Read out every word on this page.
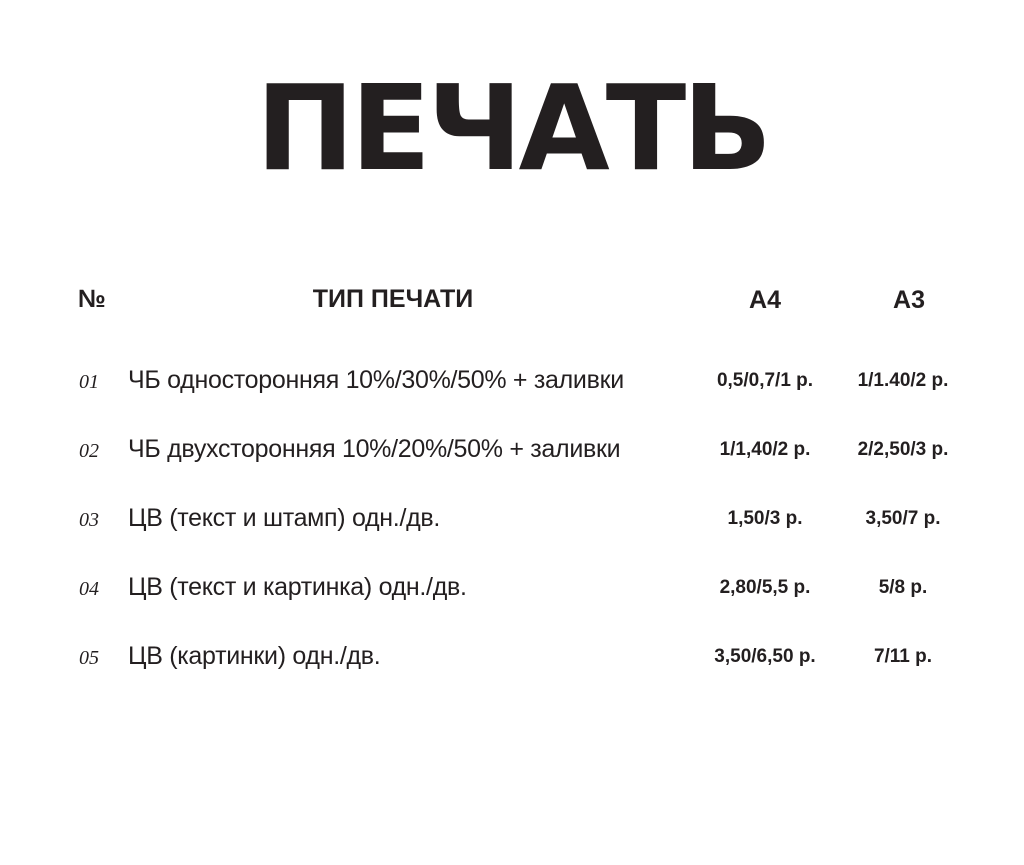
ПЕЧАТЬ
№	ТИП ПЕЧАТИ	А4	А3
01 ЧБ односторонняя 10%/30%/50% + заливки	0,5/0,7/1 р.	1/1.40/2 р.
02 ЧБ двухсторонняя 10%/20%/50% + заливки	1/1,40/2 р.	2/2,50/3 р.
03 ЦВ (текст и штамп) одн./дв.	1,50/3 р.	3,50/7 р.
04 ЦВ (текст и картинка) одн./дв.	2,80/5,5 р.	5/8 р.
05 ЦВ (картинки) одн./дв.	3,50/6,50 р.	7/11 р.
